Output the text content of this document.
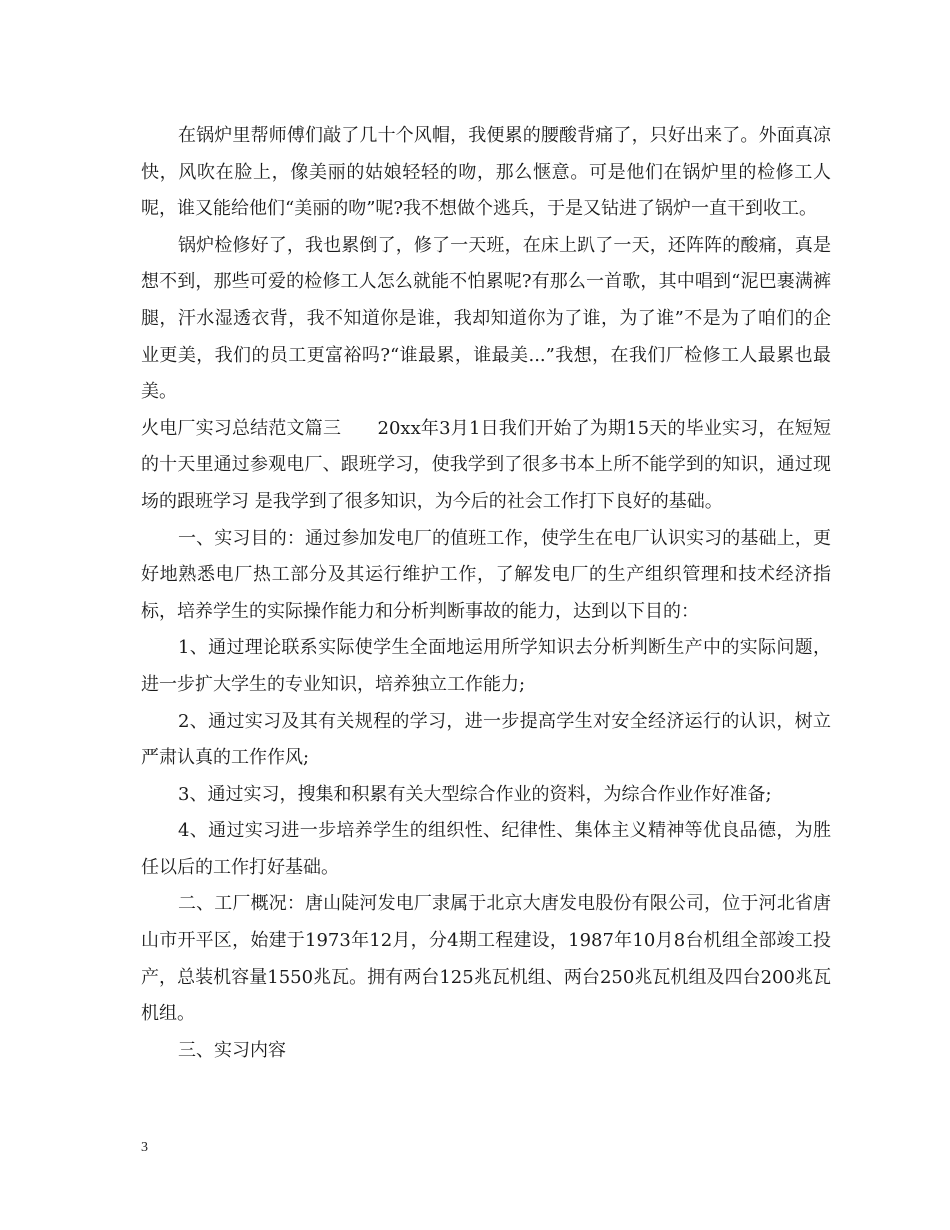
在锅炉里帮师傅们敲了几十个风帽，我便累的腰酸背痛了，只好出来了。外面真凉快，风吹在脸上，像美丽的姑娘轻轻的吻，那么惬意。可是他们在锅炉里的检修工人呢，谁又能给他们“美丽的吻”呢?我不想做个逃兵，于是又钻进了锅炉一直干到收工。

锅炉检修好了，我也累倒了，修了一天班，在床上趴了一天，还阵阵的酸痛，真是想不到，那些可爱的检修工人怎么就能不怕累呢?有那么一首歌，其中唱到“泥巴裹满裤腿，汗水湿透衣背，我不知道你是谁，我却知道你为了谁，为了谁”不是为了咱们的企业更美，我们的员工更富裕吗?“谁最累，谁最美...”我想，在我们厂检修工人最累也最美。

火电厂实习总结范文篇三　　20xx年3月1日我们开始了为期15天的毕业实习，在短短的十天里通过参观电厂、跟班学习，使我学到了很多书本上所不能学到的知识，通过现场的跟班学习 是我学到了很多知识，为今后的社会工作打下良好的基础。

一、实习目的：通过参加发电厂的值班工作，使学生在电厂认识实习的基础上，更好地熟悉电厂热工部分及其运行维护工作，了解发电厂的生产组织管理和技术经济指标，培养学生的实际操作能力和分析判断事故的能力，达到以下目的：

1、通过理论联系实际使学生全面地运用所学知识去分析判断生产中的实际问题，进一步扩大学生的专业知识，培养独立工作能力;

2、通过实习及其有关规程的学习，进一步提高学生对安全经济运行的认识，树立严肃认真的工作作风;

3、通过实习，搜集和积累有关大型综合作业的资料，为综合作业作好准备;

4、通过实习进一步培养学生的组织性、纪律性、集体主义精神等优良品德，为胜任以后的工作打好基础。

二、工厂概况：唐山陡河发电厂隶属于北京大唐发电股份有限公司，位于河北省唐山市开平区，始建于1973年12月，分4期工程建设，1987年10月8台机组全部竣工投产，总装机容量1550兆瓦。拥有两台125兆瓦机组、两台250兆瓦机组及四台200兆瓦机组。

三、实习内容

3
